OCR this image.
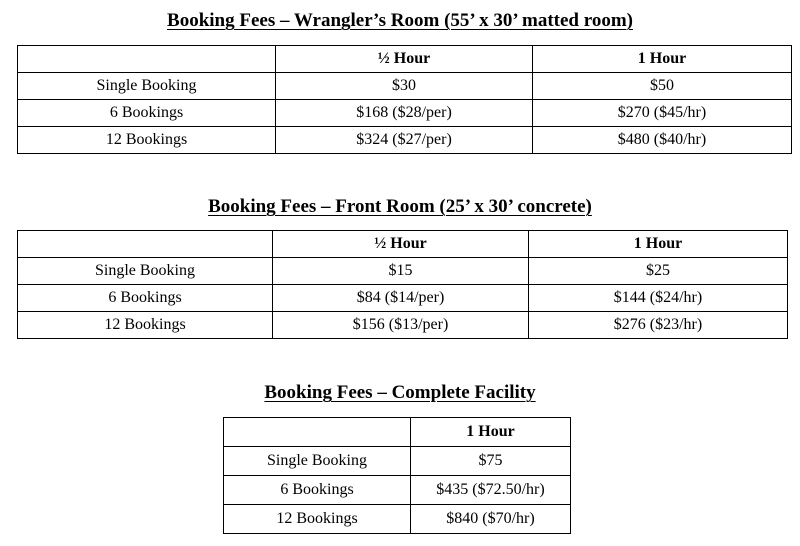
Booking Fees – Wrangler’s Room (55’ x 30’ matted room)
	½ Hour	1 Hour
Single Booking	$30	$50
6 Bookings	$168 ($28/per)	$270 ($45/hr)
12 Bookings	$324 ($27/per)	$480 ($40/hr)
Booking Fees – Front Room (25’ x 30’ concrete)
	½ Hour	1 Hour
Single Booking	$15	$25
6 Bookings	$84 ($14/per)	$144 ($24/hr)
12 Bookings	$156 ($13/per)	$276 ($23/hr)
Booking Fees – Complete Facility
	1 Hour
Single Booking	$75
6 Bookings	$435 ($72.50/hr)
12 Bookings	$840 ($70/hr)
